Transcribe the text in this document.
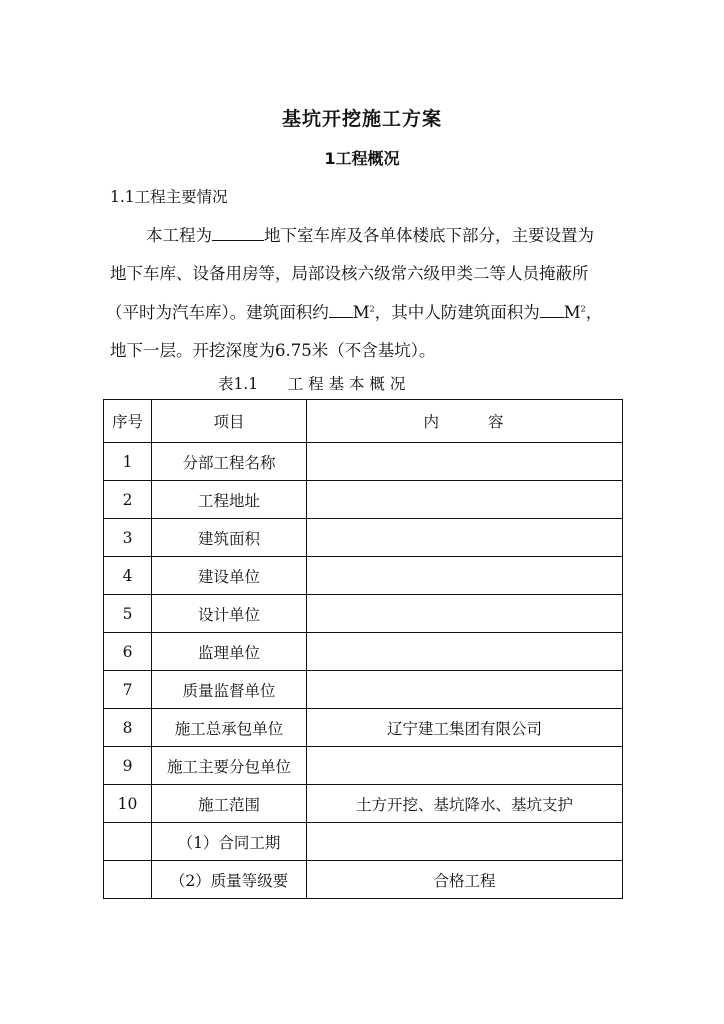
基坑开挖施工方案
1工程概况
1.1工程主要情况
本工程为	地下室车库及各单体楼底下部分，主要设置为
地下车库、设备用房等，局部设核六级常六级甲类二等人员掩蔽所
（平时为汽车库）。建筑面积约 $M^2$，其中人防建筑面积为 $M^2$，
地下一层。开挖深度为6.75米（不含基坑）。
表1.1 工 程 基 本 概 况
序号	项目	内 容
1	分部工程名称	
2	工程地址	
3	建筑面积	
4	建设单位	
5	设计单位	
6	监理单位	
7	质量监督单位	
8	施工总承包单位	辽宁建工集团有限公司
9	施工主要分包单位	
10	施工范围	土方开挖、基坑降水、基坑支护
	（1）合同工期	
	（2）质量等级要	合格工程
